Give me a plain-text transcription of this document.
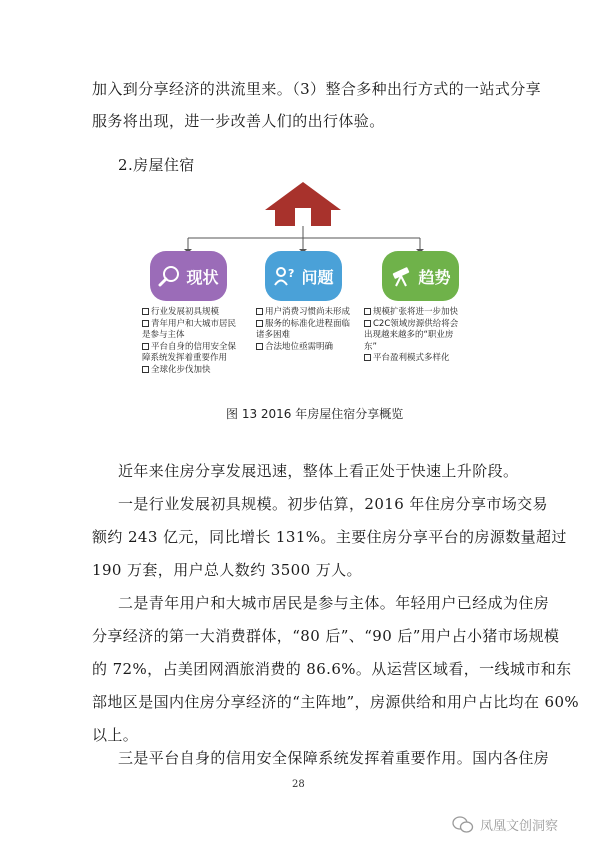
加入到分享经济的洪流里来。（3）整合多种出行方式的一站式分享
服务将出现，进一步改善人们的出行体验。
2.房屋住宿
现状
行业发展初具规模
青年用户和大城市居民是参与主体
平台自身的信用安全保障系统发挥着重要作用
全球化步伐加快
? 问题
用户消费习惯尚未形成
服务的标准化进程面临诸多困难
合法地位亟需明确
趋势
规模扩张将进一步加快
C2C领域房源供给将会出现越来越多的“职业房东”
平台盈利模式多样化
图 13 2016 年房屋住宿分享概览
近年来住房分享发展迅速，整体上看正处于快速上升阶段。
一是行业发展初具规模。初步估算，2016 年住房分享市场交易
额约 243 亿元，同比增长 131%。主要住房分享平台的房源数量超过
190 万套，用户总人数约 3500 万人。
二是青年用户和大城市居民是参与主体。年轻用户已经成为住房
分享经济的第一大消费群体，“80 后”、“90 后”用户占小猪市场规模
的 72%，占美团网酒旅消费的 86.6%。从运营区域看，一线城市和东
部地区是国内住房分享经济的“主阵地”，房源供给和用户占比均在 60%
以上。
三是平台自身的信用安全保障系统发挥着重要作用。国内各住房
28
凤凰文创洞察
